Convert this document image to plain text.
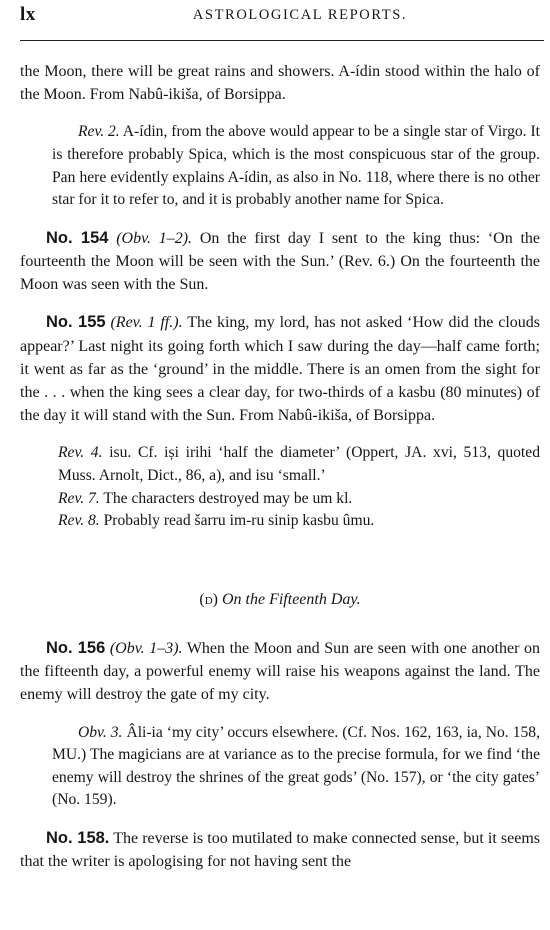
lx	ASTROLOGICAL REPORTS.

the Moon, there will be great rains and showers. A-ídin stood within the halo of the Moon. From Nabû-ikiša, of Borsippa.

Rev. 2. A-ídin, from the above would appear to be a single star of Virgo. It is therefore probably Spica, which is the most conspicuous star of the group. Pan here evidently explains A-ídin, as also in No. 118, where there is no other star for it to refer to, and it is probably another name for Spica.

No. 154 (Obv. 1–2). On the first day I sent to the king thus: ‘On the fourteenth the Moon will be seen with the Sun.’ (Rev. 6.) On the fourteenth the Moon was seen with the Sun.

No. 155 (Rev. 1 ff.). The king, my lord, has not asked ‘How did the clouds appear?’ Last night its going forth which I saw during the day—half came forth; it went as far as the ‘ground’ in the middle. There is an omen from the sight for the . . . when the king sees a clear day, for two-thirds of a kasbu (80 minutes) of the day it will stand with the Sun. From Nabû-ikiša, of Borsippa.

Rev. 4. isu. Cf. iși irihi ‘half the diameter’ (Oppert, JA. xvi, 513, quoted Muss. Arnolt, Dict., 86, a), and isu ‘small.’

Rev. 7. The characters destroyed may be um kl.

Rev. 8. Probably read šarru im-ru sinip kasbu ûmu.

(d) On the Fifteenth Day.

No. 156 (Obv. 1–3). When the Moon and Sun are seen with one another on the fifteenth day, a powerful enemy will raise his weapons against the land. The enemy will destroy the gate of my city.

Obv. 3. Âli-ia ‘my city’ occurs elsewhere. (Cf. Nos. 162, 163, ia, No. 158, MU.) The magicians are at variance as to the precise formula, for we find ‘the enemy will destroy the shrines of the great gods’ (No. 157), or ‘the city gates’ (No. 159).

No. 158. The reverse is too mutilated to make connected sense, but it seems that the writer is apologising for not having sent the
